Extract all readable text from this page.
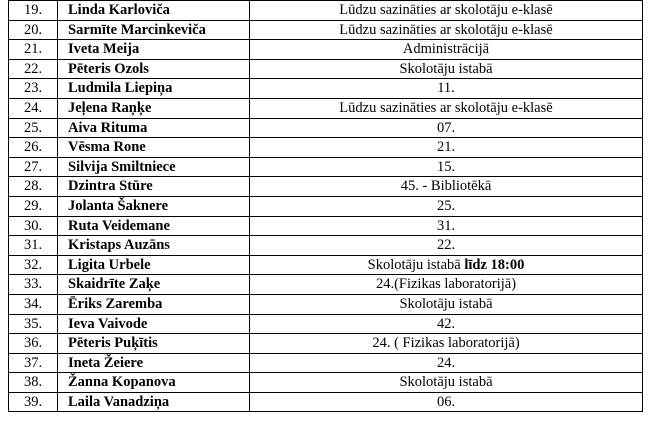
19.	Linda Karloviča	Lūdzu sazināties ar skolotāju e-klasē
20.	Sarmīte Marcinkeviča	Lūdzu sazināties ar skolotāju e-klasē
21.	Iveta Meija	Administrācijā
22.	Pēteris Ozols	Skolotāju istabā
23.	Ludmila Liepiņa	11.
24.	Jeļena Raņķe	Lūdzu sazināties ar skolotāju e-klasē
25.	Aiva Rituma	07.
26.	Vēsma Rone	21.
27.	Silvija Smiltniece	15.
28.	Dzintra Stūre	45. - Bibliotēkā
29.	Jolanta Šaknere	25.
30.	Ruta Veidemane	31.
31.	Kristaps Auzāns	22.
32.	Ligita Urbele	Skolotāju istabā līdz 18:00
33.	Skaidrīte Zaķe	24.(Fizikas laboratorijā)
34.	Ēriks Zaremba	Skolotāju istabā
35.	Ieva Vaivode	42.
36.	Pēteris Puķītis	24. ( Fizikas laboratorijā)
37.	Ineta Žeiere	24.
38.	Žanna Kopanova	Skolotāju istabā
39.	Laila Vanadziņa	06.
